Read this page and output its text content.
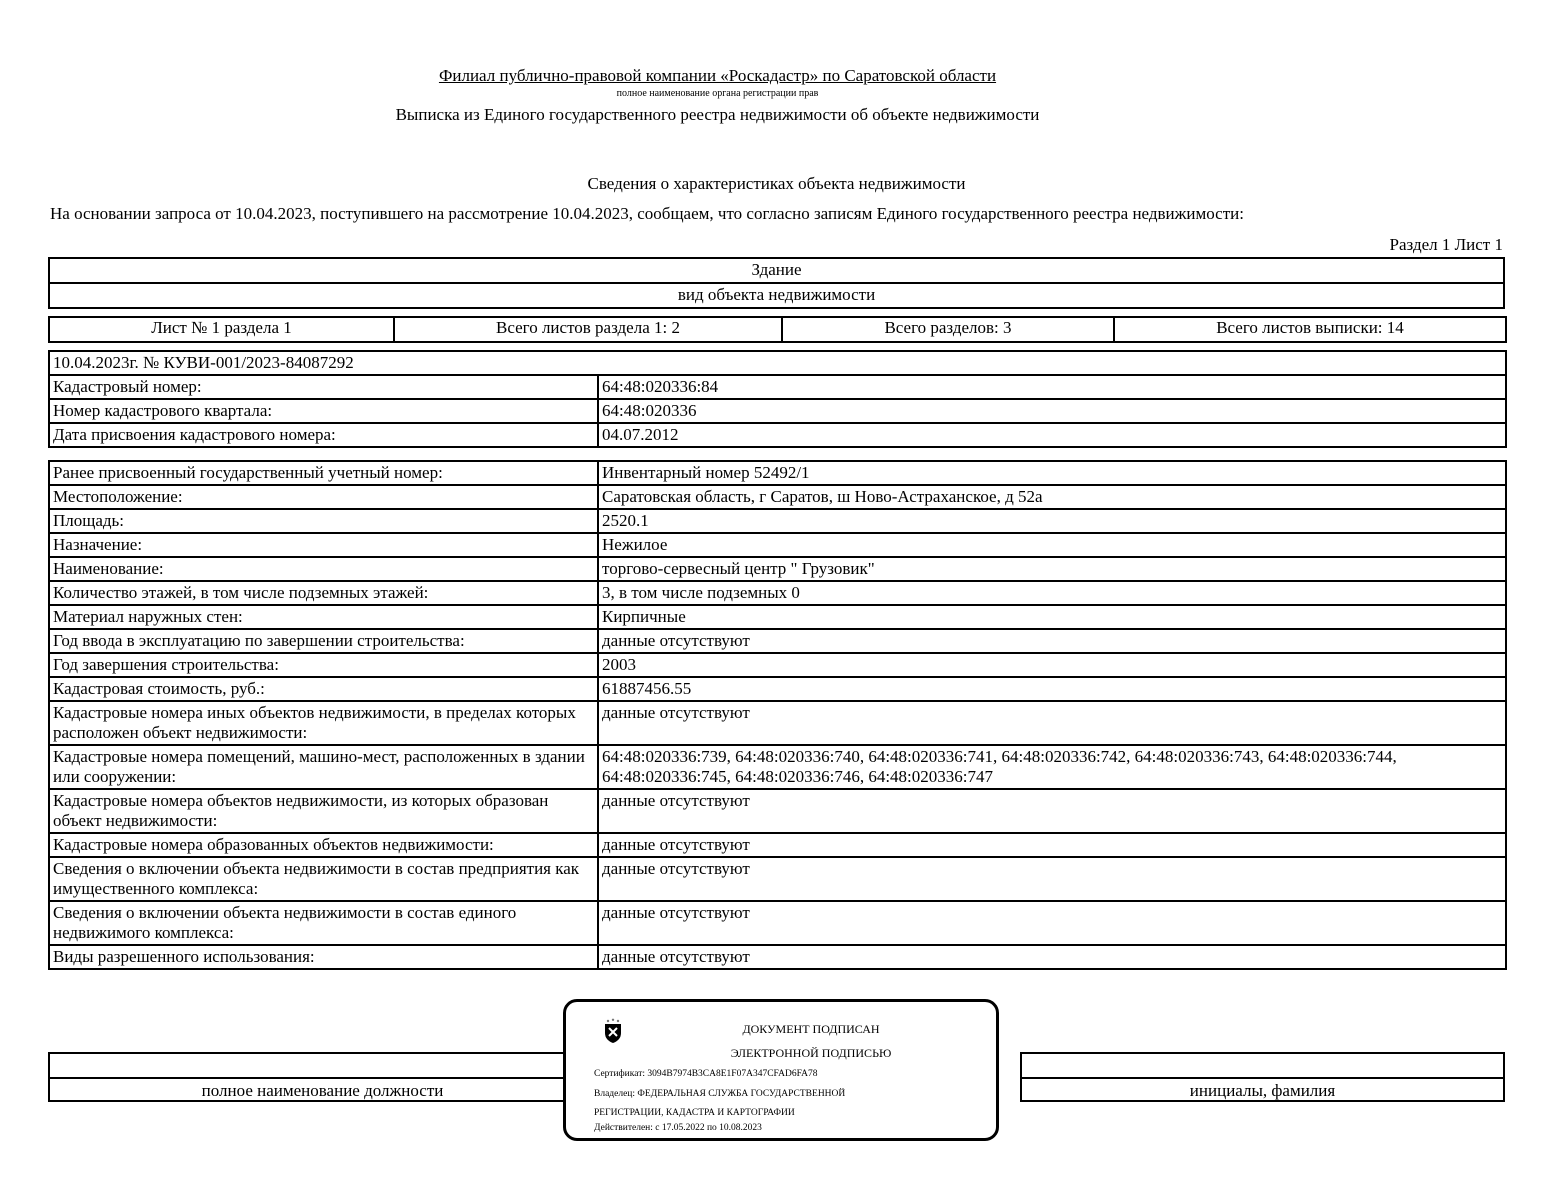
Филиал публично-правовой компании «Роскадастр» по Саратовской области
полное наименование органа регистрации прав
Выписка из Единого государственного реестра недвижимости об объекте недвижимости
Сведения о характеристиках объекта недвижимости
На основании запроса от 10.04.2023, поступившего на рассмотрение 10.04.2023, сообщаем, что согласно записям Единого государственного реестра недвижимости:
Раздел 1 Лист 1
Здание
вид объекта недвижимости
Лист № 1 раздела 1	Всего листов раздела 1: 2	Всего разделов: 3	Всего листов выписки: 14
10.04.2023г. № КУВИ-001/2023-84087292	
Кадастровый номер:	64:48:020336:84
Номер кадастрового квартала:	64:48:020336
Дата присвоения кадастрового номера:	04.07.2012
Ранее присвоенный государственный учетный номер:	Инвентарный номер 52492/1
Местоположение:	Саратовская область, г Саратов, ш Ново-Астраханское, д 52а
Площадь:	2520.1
Назначение:	Нежилое
Наименование:	торгово-сервесный центр " Грузовик"
Количество этажей, в том числе подземных этажей:	3, в том числе подземных 0
Материал наружных стен:	Кирпичные
Год ввода в эксплуатацию по завершении строительства:	данные отсутствуют
Год завершения строительства:	2003
Кадастровая стоимость, руб.:	61887456.55
Кадастровые номера иных объектов недвижимости, в пределах которых расположен объект недвижимости:	данные отсутствуют
Кадастровые номера помещений, машино-мест, расположенных в здании или сооружении:	64:48:020336:739, 64:48:020336:740, 64:48:020336:741, 64:48:020336:742, 64:48:020336:743, 64:48:020336:744, 64:48:020336:745, 64:48:020336:746, 64:48:020336:747
Кадастровые номера объектов недвижимости, из которых образован объект недвижимости:	данные отсутствуют
Кадастровые номера образованных объектов недвижимости:	данные отсутствуют
Сведения о включении объекта недвижимости в состав предприятия как имущественного комплекса:	данные отсутствуют
Сведения о включении объекта недвижимости в состав единого недвижимого комплекса:	данные отсутствуют
Виды разрешенного использования:	данные отсутствуют
полное наименование должности	инициалы, фамилия
ДОКУМЕНТ ПОДПИСАН
ЭЛЕКТРОННОЙ ПОДПИСЬЮ
Сертификат: 3094B7974B3CA8E1F07A347CFAD6FA78
Владелец: ФЕДЕРАЛЬНАЯ СЛУЖБА ГОСУДАРСТВЕННОЙ
РЕГИСТРАЦИИ, КАДАСТРА И КАРТОГРАФИИ
Действителен: с 17.05.2022 по 10.08.2023
